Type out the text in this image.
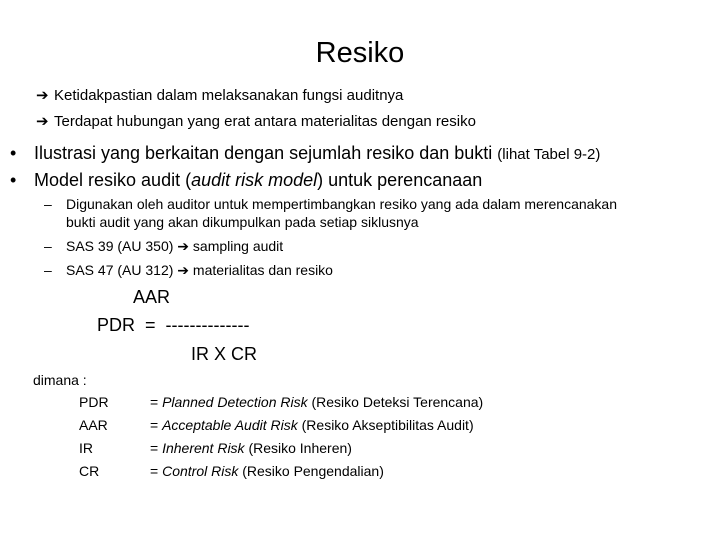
Resiko
➔ Ketidakpastian dalam melaksanakan fungsi auditnya
➔ Terdapat hubungan yang erat antara materialitas dengan resiko
• Ilustrasi yang berkaitan dengan sejumlah resiko dan bukti (lihat Tabel 9-2)
• Model resiko audit (audit risk model) untuk perencanaan
– Digunakan oleh auditor untuk mempertimbangkan resiko yang ada dalam merencanakan
bukti audit yang akan dikumpulkan pada setiap siklusnya
– SAS 39 (AU 350) ➔ sampling audit
– SAS 47 (AU 312) ➔ materialitas dan resiko
AAR
PDR  =  --------------
IR X CR
dimana :
PDR	= Planned Detection Risk (Resiko Deteksi Terencana)
AAR	= Acceptable Audit Risk (Resiko Akseptibilitas Audit)
IR	= Inherent Risk (Resiko Inheren)
CR	= Control Risk (Resiko Pengendalian)
